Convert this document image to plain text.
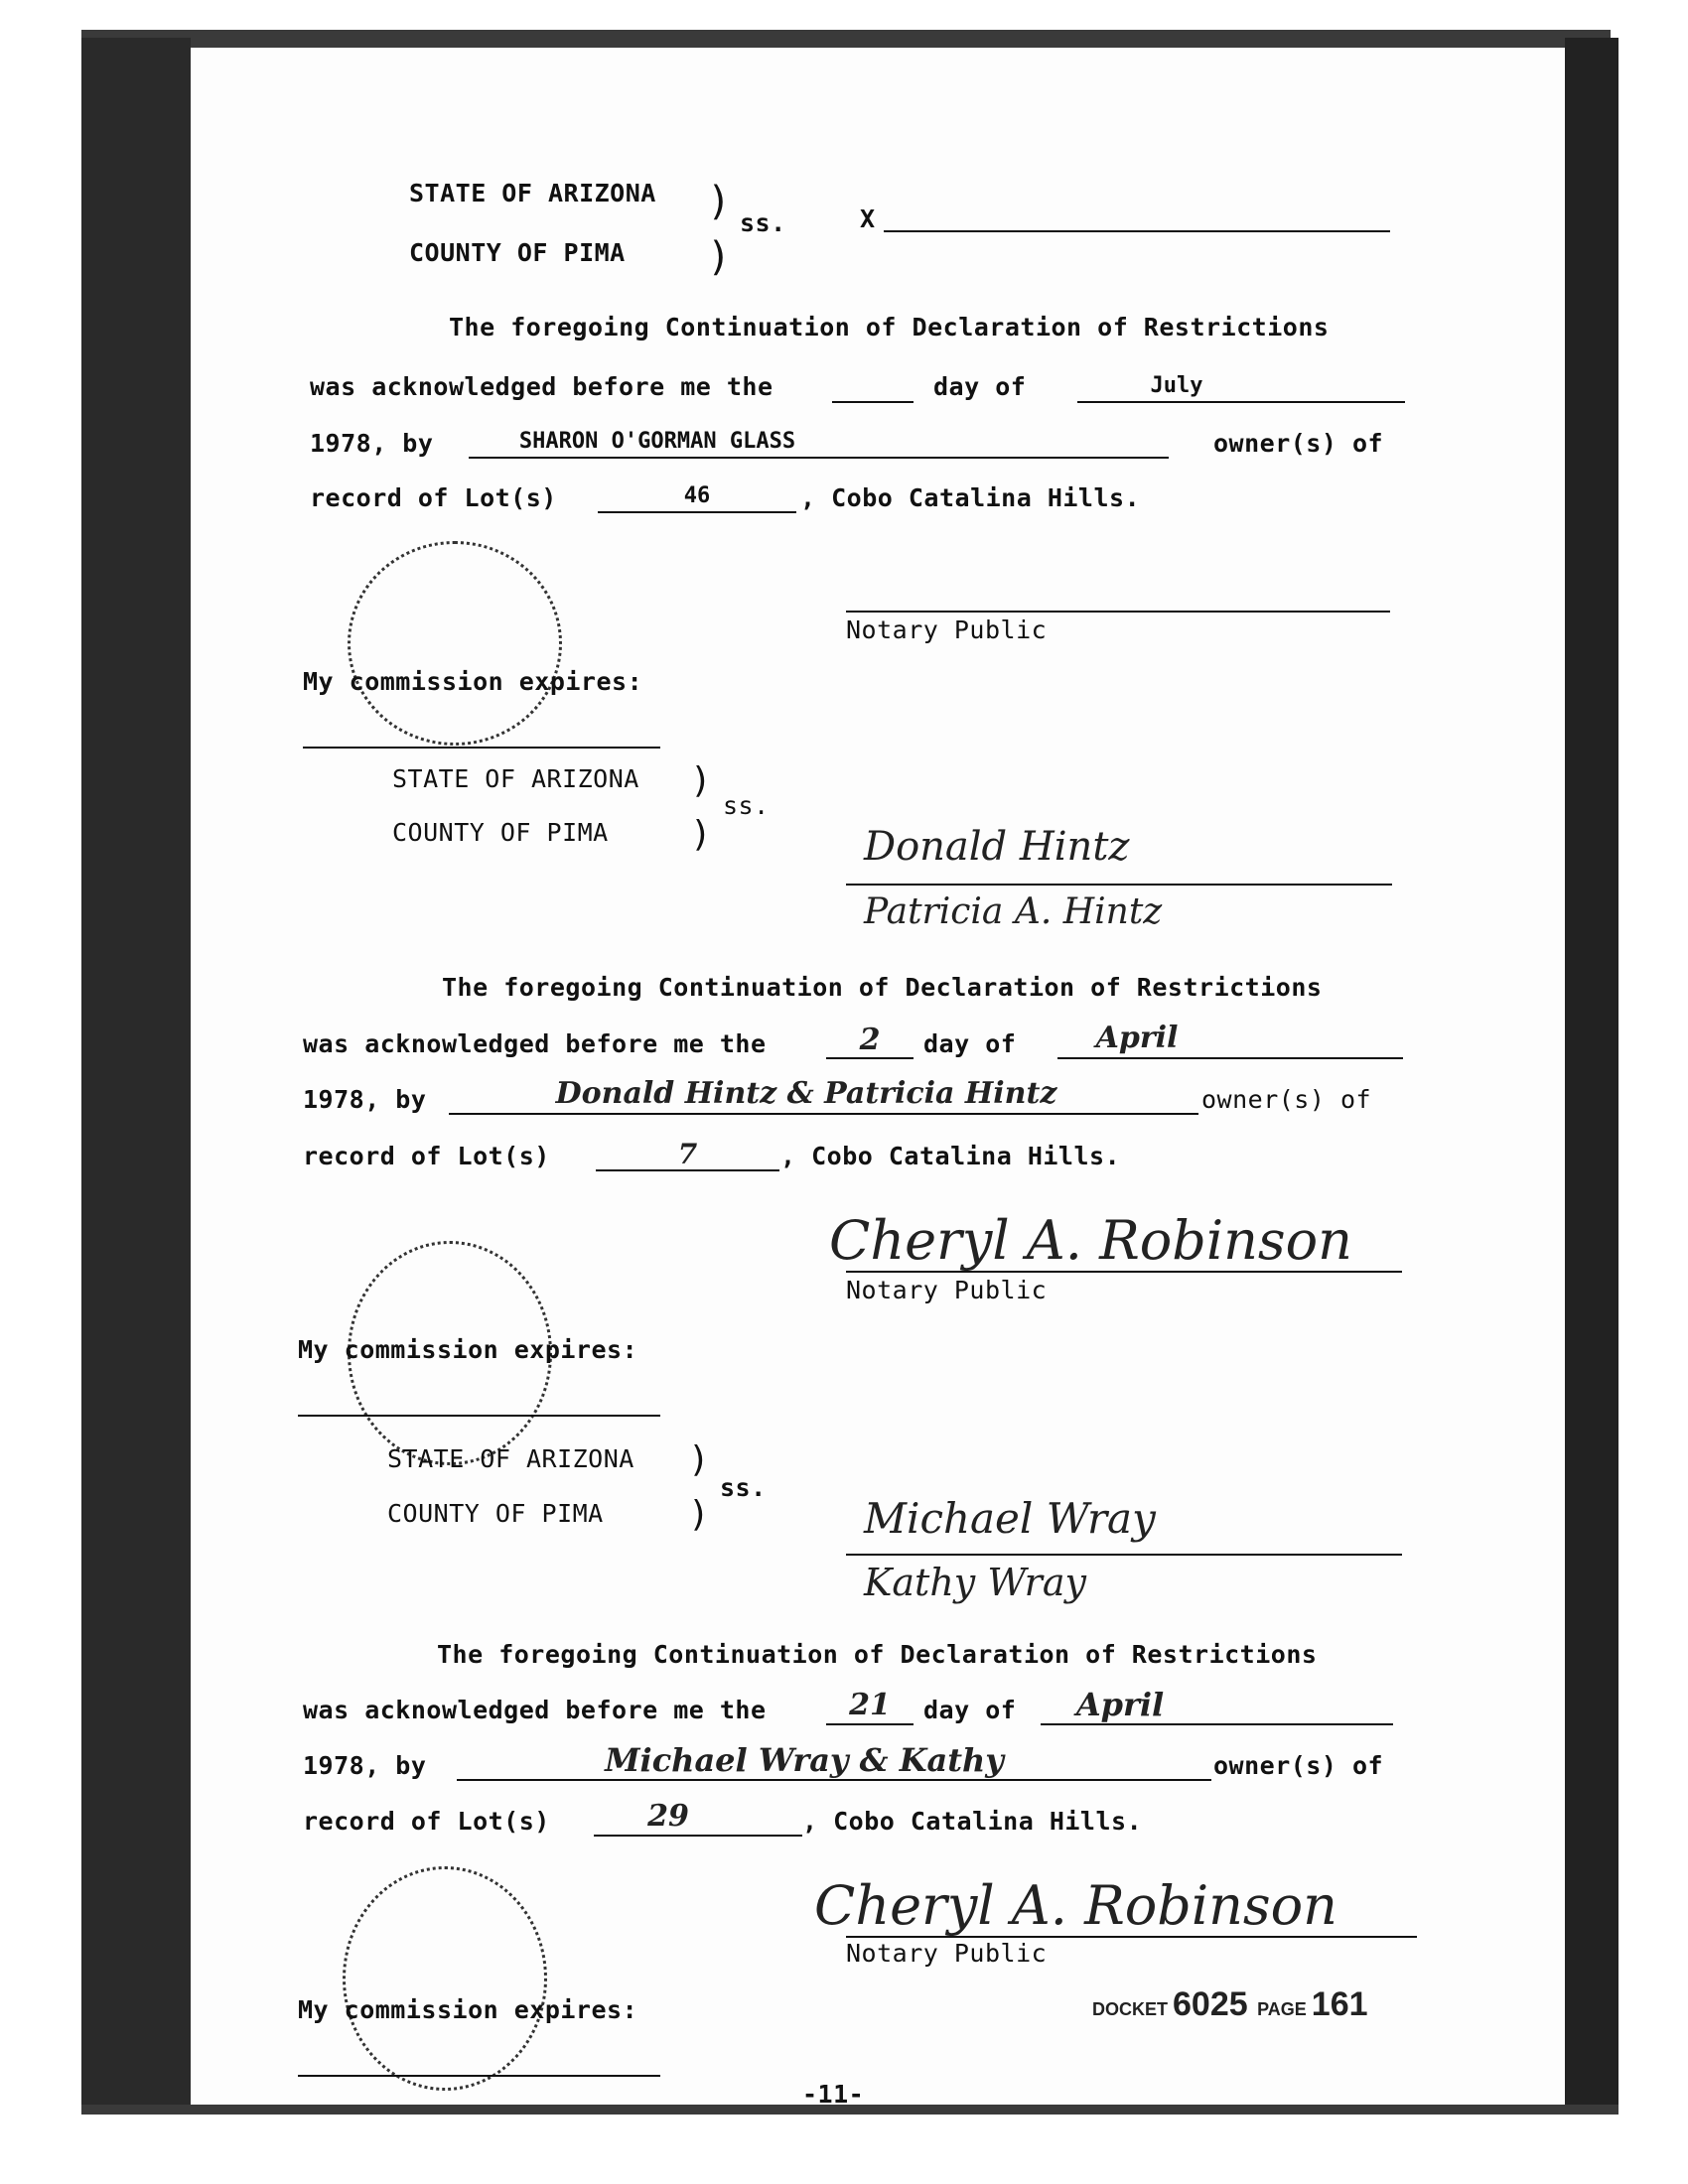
STATE OF ARIZONA
COUNTY OF PIMA
)
)
ss.	X
The foregoing Continuation of Declaration of Restrictions
was acknowledged before me the	day of	July
1978, by	SHARON O'GORMAN GLASS	owner(s) of
record of Lot(s)	46	, Cobo Catalina Hills.
Notary Public
My commission expires:
STATE OF ARIZONA
COUNTY OF PIMA
)
)
ss.
Donald Hintz
Patricia A. Hintz
The foregoing Continuation of Declaration of Restrictions
was acknowledged before me the	2	day of	April
1978, by	Donald Hintz & Patricia Hintz	owner(s) of
record of Lot(s)	7	, Cobo Catalina Hills.
Cheryl A. Robinson
Notary Public
My commission expires:
STATE OF ARIZONA
COUNTY OF PIMA
)
)
ss.
Michael Wray
Kathy Wray
The foregoing Continuation of Declaration of Restrictions
was acknowledged before me the	21	day of	April
1978, by	Michael Wray & Kathy	owner(s) of
record of Lot(s)	29	, Cobo Catalina Hills.
Cheryl A. Robinson
Notary Public
My commission expires:	DOCKET 6025 PAGE 161
-11-
